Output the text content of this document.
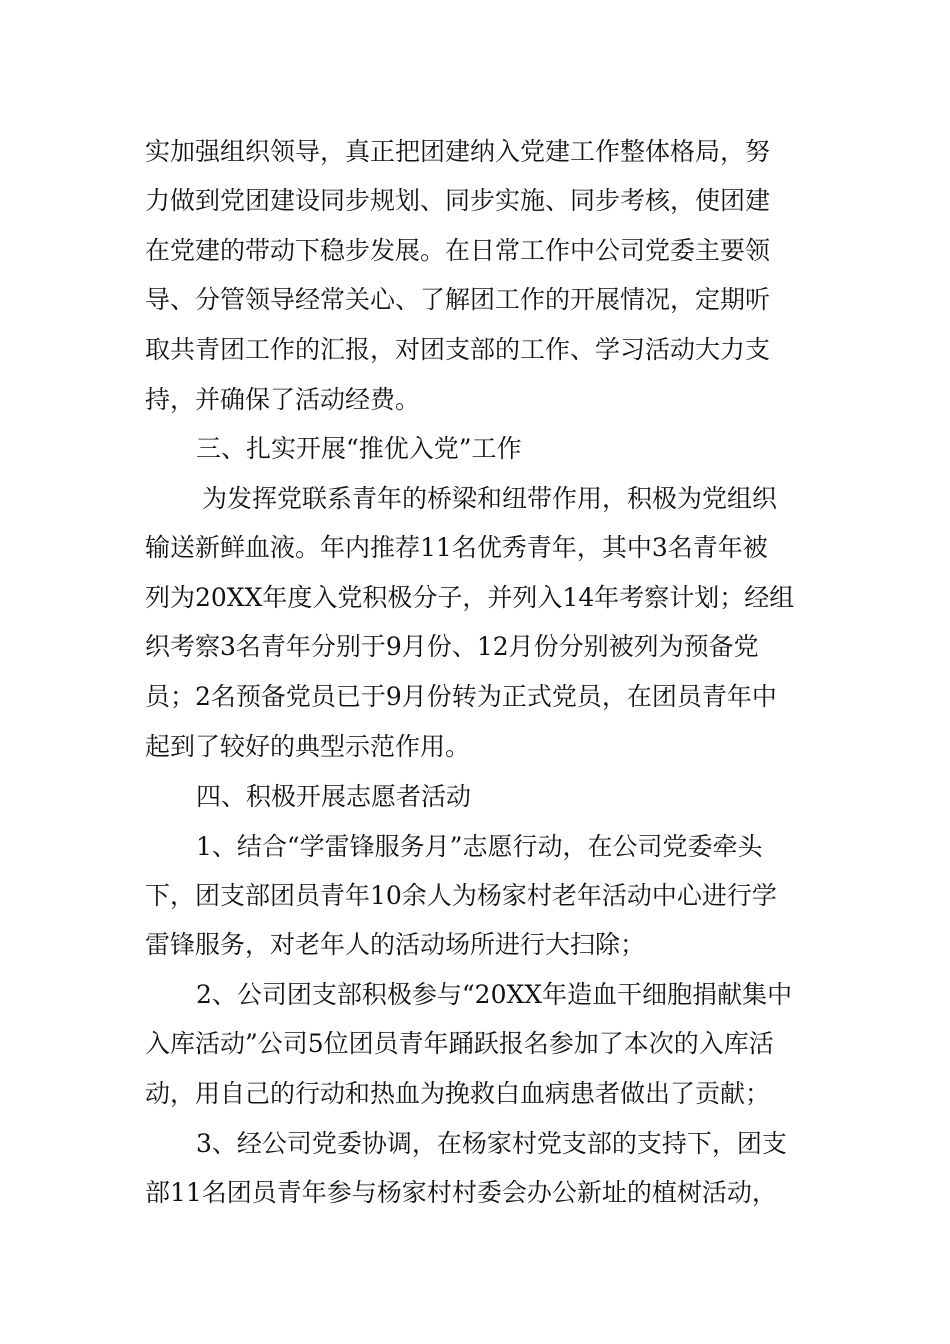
实加强组织领导，真正把团建纳入党建工作整体格局，努
力做到党团建设同步规划、同步实施、同步考核，使团建
在党建的带动下稳步发展。在日常工作中公司党委主要领
导、分管领导经常关心、了解团工作的开展情况，定期听
取共青团工作的汇报，对团支部的工作、学习活动大力支
持，并确保了活动经费。
三、扎实开展“推优入党”工作
为发挥党联系青年的桥梁和纽带作用，积极为党组织
输送新鲜血液。年内推荐11名优秀青年，其中3名青年被
列为20XX年度入党积极分子，并列入14年考察计划；经组
织考察3名青年分别于9月份、12月份分别被列为预备党
员；2名预备党员已于9月份转为正式党员，在团员青年中
起到了较好的典型示范作用。
四、积极开展志愿者活动
1、结合“学雷锋服务月”志愿行动，在公司党委牵头
下，团支部团员青年10余人为杨家村老年活动中心进行学
雷锋服务，对老年人的活动场所进行大扫除；
2、公司团支部积极参与“20XX年造血干细胞捐献集中
入库活动”公司5位团员青年踊跃报名参加了本次的入库活
动，用自己的行动和热血为挽救白血病患者做出了贡献；
3、经公司党委协调，在杨家村党支部的支持下，团支
部11名团员青年参与杨家村村委会办公新址的植树活动，
